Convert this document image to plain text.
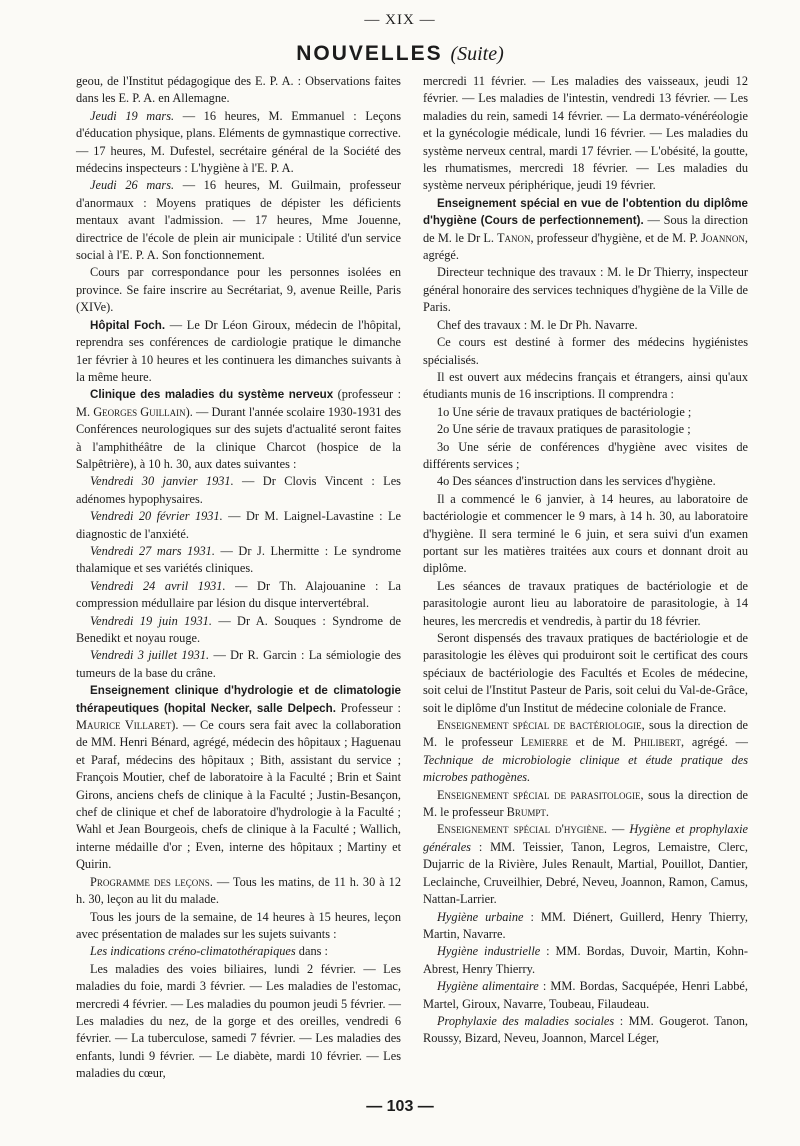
— XIX —
NOUVELLES (Suite)

geou, de l'Institut pédagogique des E. P. A. : Observations faites dans les E. P. A. en Allemagne.

Jeudi 19 mars. — 16 heures, M. Emmanuel : Leçons d'éducation physique, plans. Eléments de gymnastique corrective. — 17 heures, M. Dufestel, secrétaire général de la Société des médecins inspecteurs : L'hygiène à l'E. P. A.

Jeudi 26 mars. — 16 heures, M. Guilmain, professeur d'anormaux : Moyens pratiques de dépister les déficients mentaux avant l'admission. — 17 heures, Mme Jouenne, directrice de l'école de plein air municipale : Utilité d'un service social à l'E. P. A. Son fonctionnement.

Cours par correspondance pour les personnes isolées en province. Se faire inscrire au Secrétariat, 9, avenue Reille, Paris (XIVe).

Hôpital Foch. — Le Dr Léon Giroux, médecin de l'hôpital, reprendra ses conférences de cardiologie pratique le dimanche 1er février à 10 heures et les continuera les dimanches suivants à la même heure.

Clinique des maladies du système nerveux (professeur : M. Georges Guillain). — Durant l'année scolaire 1930-1931 des Conférences neurologiques sur des sujets d'actualité seront faites à l'amphithéâtre de la clinique Charcot (hospice de la Salpêtrière), à 10 h. 30, aux dates suivantes :

Vendredi 30 janvier 1931. — Dr Clovis Vincent : Les adénomes hypophysaires.

Vendredi 20 février 1931. — Dr M. Laignel-Lavastine : Le diagnostic de l'anxiété.

Vendredi 27 mars 1931. — Dr J. Lhermitte : Le syndrome thalamique et ses variétés cliniques.

Vendredi 24 avril 1931. — Dr Th. Alajouanine : La compression médullaire par lésion du disque intervertébral.

Vendredi 19 juin 1931. — Dr A. Souques : Syndrome de Benedikt et noyau rouge.

Vendredi 3 juillet 1931. — Dr R. Garcin : La sémiologie des tumeurs de la base du crâne.

Enseignement clinique d'hydrologie et de climatologie thérapeutiques (hopital Necker, salle Delpech. Professeur : Maurice Villaret). — Ce cours sera fait avec la collaboration de MM. Henri Bénard, agrégé, médecin des hôpitaux ; Haguenau et Paraf, médecins des hôpitaux ; Bith, assistant du service ; François Moutier, chef de laboratoire à la Faculté ; Brin et Saint Girons, anciens chefs de clinique à la Faculté ; Justin-Besançon, chef de clinique et chef de laboratoire d'hydrologie à la Faculté ; Wahl et Jean Bourgeois, chefs de clinique à la Faculté ; Wallich, interne médaille d'or ; Even, interne des hôpitaux ; Martiny et Quirin.

Programme des leçons. — Tous les matins, de 11 h. 30 à 12 h. 30, leçon au lit du malade.

Tous les jours de la semaine, de 14 heures à 15 heures, leçon avec présentation de malades sur les sujets suivants :

Les indications créno-climatothérapiques dans :

Les maladies des voies biliaires, lundi 2 février. — Les maladies du foie, mardi 3 février. — Les maladies de l'estomac, mercredi 4 février. — Les maladies du poumon jeudi 5 février. — Les maladies du nez, de la gorge et des oreilles, vendredi 6 février. — La tuberculose, samedi 7 février. — Les maladies des enfants, lundi 9 février. — Le diabète, mardi 10 février. — Les maladies du cœur,

mercredi 11 février. — Les maladies des vaisseaux, jeudi 12 février. — Les maladies de l'intestin, vendredi 13 février. — Les maladies du rein, samedi 14 février. — La dermato-vénéréologie et la gynécologie médicale, lundi 16 février. — Les maladies du système nerveux central, mardi 17 février. — L'obésité, la goutte, les rhumatismes, mercredi 18 février. — Les maladies du système nerveux périphérique, jeudi 19 février.

Enseignement spécial en vue de l'obtention du diplôme d'hygiène (Cours de perfectionnement). — Sous la direction de M. le Dr L. Tanon, professeur d'hygiène, et de M. P. Joannon, agrégé.

Directeur technique des travaux : M. le Dr Thierry, inspecteur général honoraire des services techniques d'hygiène de la Ville de Paris.

Chef des travaux : M. le Dr Ph. Navarre.

Ce cours est destiné à former des médecins hygiénistes spécialisés.

Il est ouvert aux médecins français et étrangers, ainsi qu'aux étudiants munis de 16 inscriptions. Il comprendra :

1o Une série de travaux pratiques de bactériologie ;

2o Une série de travaux pratiques de parasitologie ;

3o Une série de conférences d'hygiène avec visites de différents services ;

4o Des séances d'instruction dans les services d'hygiène.

Il a commencé le 6 janvier, à 14 heures, au laboratoire de bactériologie et commencer le 9 mars, à 14 h. 30, au laboratoire d'hygiène. Il sera terminé le 6 juin, et sera suivi d'un examen portant sur les matières traitées aux cours et donnant droit au diplôme.

Les séances de travaux pratiques de bactériologie et de parasitologie auront lieu au laboratoire de parasitologie, à 14 heures, les mercredis et vendredis, à partir du 18 février.

Seront dispensés des travaux pratiques de bactériologie et de parasitologie les élèves qui produiront soit le certificat des cours spéciaux de bactériologie des Facultés et Ecoles de médecine, soit celui de l'Institut Pasteur de Paris, soit celui du Val-de-Grâce, soit le diplôme d'un Institut de médecine coloniale de France.

Enseignement spécial de bactériologie, sous la direction de M. le professeur Lemierre et de M. Philibert, agrégé. — Technique de microbiologie clinique et étude pratique des microbes pathogènes.

Enseignement spécial de parasitologie, sous la direction de M. le professeur Brumpt.

Enseignement spécial d'hygiène. — Hygiène et prophylaxie générales : MM. Teissier, Tanon, Legros, Lemaistre, Clerc, Dujarric de la Rivière, Jules Renault, Martial, Pouillot, Dantier, Leclainche, Cruveilhier, Debré, Neveu, Joannon, Ramon, Camus, Nattan-Larrier.

Hygiène urbaine : MM. Diénert, Guillerd, Henry Thierry, Martin, Navarre.

Hygiène industrielle : MM. Bordas, Duvoir, Martin, Kohn-Abrest, Henry Thierry.

Hygiène alimentaire : MM. Bordas, Sacquépée, Henri Labbé, Martel, Giroux, Navarre, Toubeau, Filaudeau.

Prophylaxie des maladies sociales : MM. Gougerot. Tanon, Roussy, Bizard, Neveu, Joannon, Marcel Léger,

— 103 —
